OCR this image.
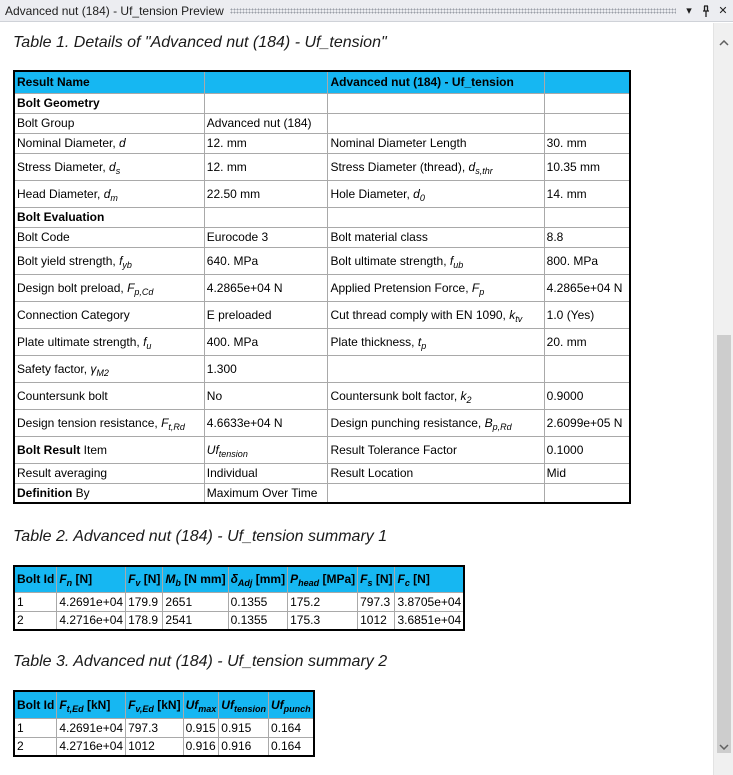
Advanced nut (184) - Uf_tension Preview	▾	✕
Table 1. Details of "Advanced nut (184) - Uf_tension"
Result Name		Advanced nut (184) - Uf_tension	
Bolt Geometry			
Bolt Group	Advanced nut (184)		
Nominal Diameter, d	12. mm	Nominal Diameter Length	30. mm
Stress Diameter, $d_s$	12. mm	Stress Diameter (thread), $d_{s,thr}$	10.35 mm
Head Diameter, $d_m$	22.50 mm	Hole Diameter, $d_0$	14. mm
Bolt Evaluation			
Bolt Code	Eurocode 3	Bolt material class	8.8
Bolt yield strength, $f_{yb}$	640. MPa	Bolt ultimate strength, $f_{ub}$	800. MPa
Design bolt preload, $F_{p,Cd}$	4.2865e+04 N	Applied Pretension Force, $F_p$	4.2865e+04 N
Connection Category	E preloaded	Cut thread comply with EN 1090, $k_{tv}$	1.0 (Yes)
Plate ultimate strength, $f_u$	400. MPa	Plate thickness, $t_p$	20. mm
Safety factor, $\gamma_{M2}$	1.300		
Countersunk bolt	No	Countersunk bolt factor, $k_2$	0.9000
Design tension resistance, $F_{t,Rd}$	4.6633e+04 N	Design punching resistance, $B_{p,Rd}$	2.6099e+05 N
Bolt Result Item	$Uf_{tension}$	Result Tolerance Factor	0.1000
Result averaging	Individual	Result Location	Mid
Definition By	Maximum Over Time		
Table 2. Advanced nut (184) - Uf_tension summary 1
Bolt Id	$F_n$ [N]	$F_v$ [N]	$M_b$ [N mm]	$\delta_{Adj}$ [mm]	$P_{head}$ [MPa]	$F_s$ [N]	$F_c$ [N]
1	4.2691e+04	179.9	2651	0.1355	175.2	797.3	3.8705e+04
2	4.2716e+04	178.9	2541	0.1355	175.3	1012	3.6851e+04
Table 3. Advanced nut (184) - Uf_tension summary 2
Bolt Id	$F_{t,Ed}$ [kN]	$F_{v,Ed}$ [kN]	$Uf_{max}$	$Uf_{tension}$	$Uf_{punch}$
1	4.2691e+04	797.3	0.915	0.915	0.164
2	4.2716e+04	1012	0.916	0.916	0.164
